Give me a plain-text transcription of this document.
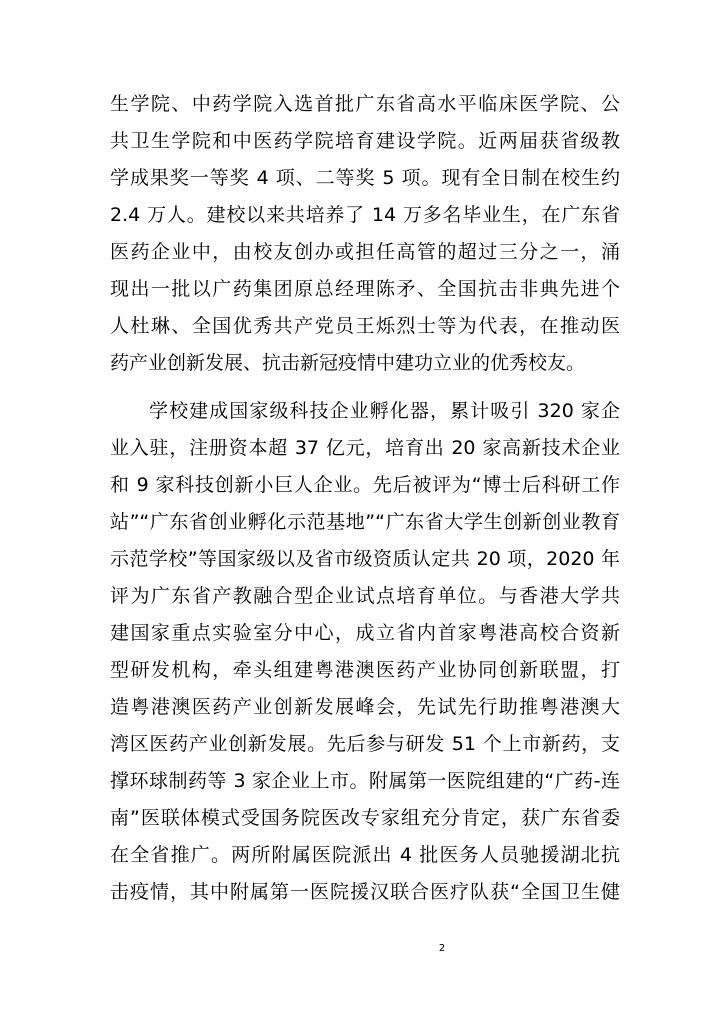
生学院、中药学院入选首批广东省高水平临床医学院、公
共卫生学院和中医药学院培育建设学院。近两届获省级教
学成果奖一等奖 4 项、二等奖 5 项。现有全日制在校生约
2.4 万人。建校以来共培养了 14 万多名毕业生，在广东省
医药企业中，由校友创办或担任高管的超过三分之一，涌
现出一批以广药集团原总经理陈矛、全国抗击非典先进个
人杜琳、全国优秀共产党员王烁烈士等为代表，在推动医
药产业创新发展、抗击新冠疫情中建功立业的优秀校友。
学校建成国家级科技企业孵化器，累计吸引 320 家企
业入驻，注册资本超 37 亿元，培育出 20 家高新技术企业
和 9 家科技创新小巨人企业。先后被评为“博士后科研工作
站”“广东省创业孵化示范基地”“广东省大学生创新创业教育
示范学校”等国家级以及省市级资质认定共 20 项，2020 年
评为广东省产教融合型企业试点培育单位。与香港大学共
建国家重点实验室分中心，成立省内首家粤港高校合资新
型研发机构，牵头组建粤港澳医药产业协同创新联盟，打
造粤港澳医药产业创新发展峰会，先试先行助推粤港澳大
湾区医药产业创新发展。先后参与研发 51 个上市新药，支
撑环球制药等 3 家企业上市。附属第一医院组建的“广药-连
南”医联体模式受国务院医改专家组充分肯定，获广东省委
在全省推广。两所附属医院派出 4 批医务人员驰援湖北抗
击疫情，其中附属第一医院援汉联合医疗队获“全国卫生健
2
